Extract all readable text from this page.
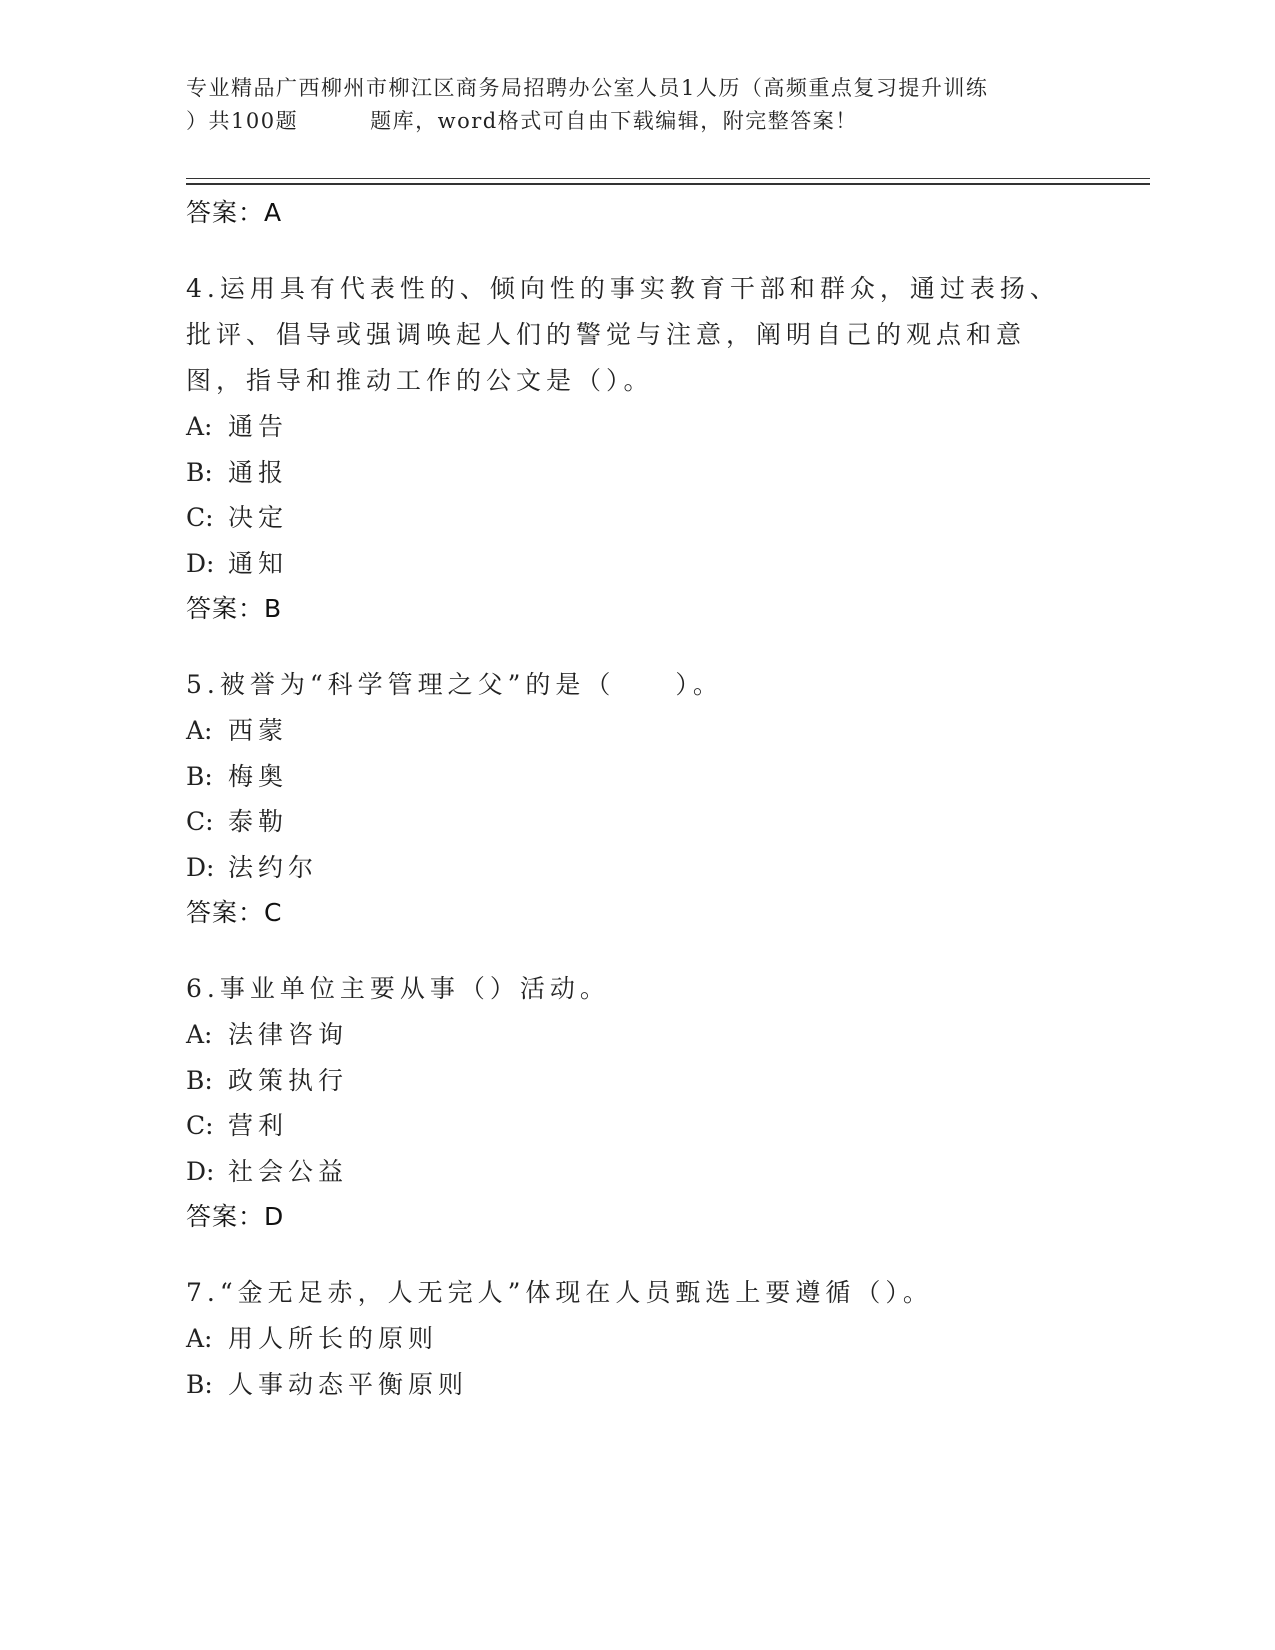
专业精品广西柳州市柳江区商务局招聘办公室人员1人历（高频重点复习提升训练
）共100题	题库，word格式可自由下载编辑，附完整答案！
答案：A
4.运用具有代表性的、倾向性的事实教育干部和群众，通过表扬、批评、倡导或强调唤起人们的警觉与注意，阐明自己的观点和意图，指导和推动工作的公文是（）。
A: 通告
B: 通报
C: 决定
D: 通知
答案：B
5.被誉为“科学管理之父”的是（　　）。
A: 西蒙
B: 梅奥
C: 泰勒
D: 法约尔
答案：C
6.事业单位主要从事（）活动。
A: 法律咨询
B: 政策执行
C: 营利
D: 社会公益
答案：D
7.“金无足赤，人无完人”体现在人员甄选上要遵循（）。
A: 用人所长的原则
B: 人事动态平衡原则
